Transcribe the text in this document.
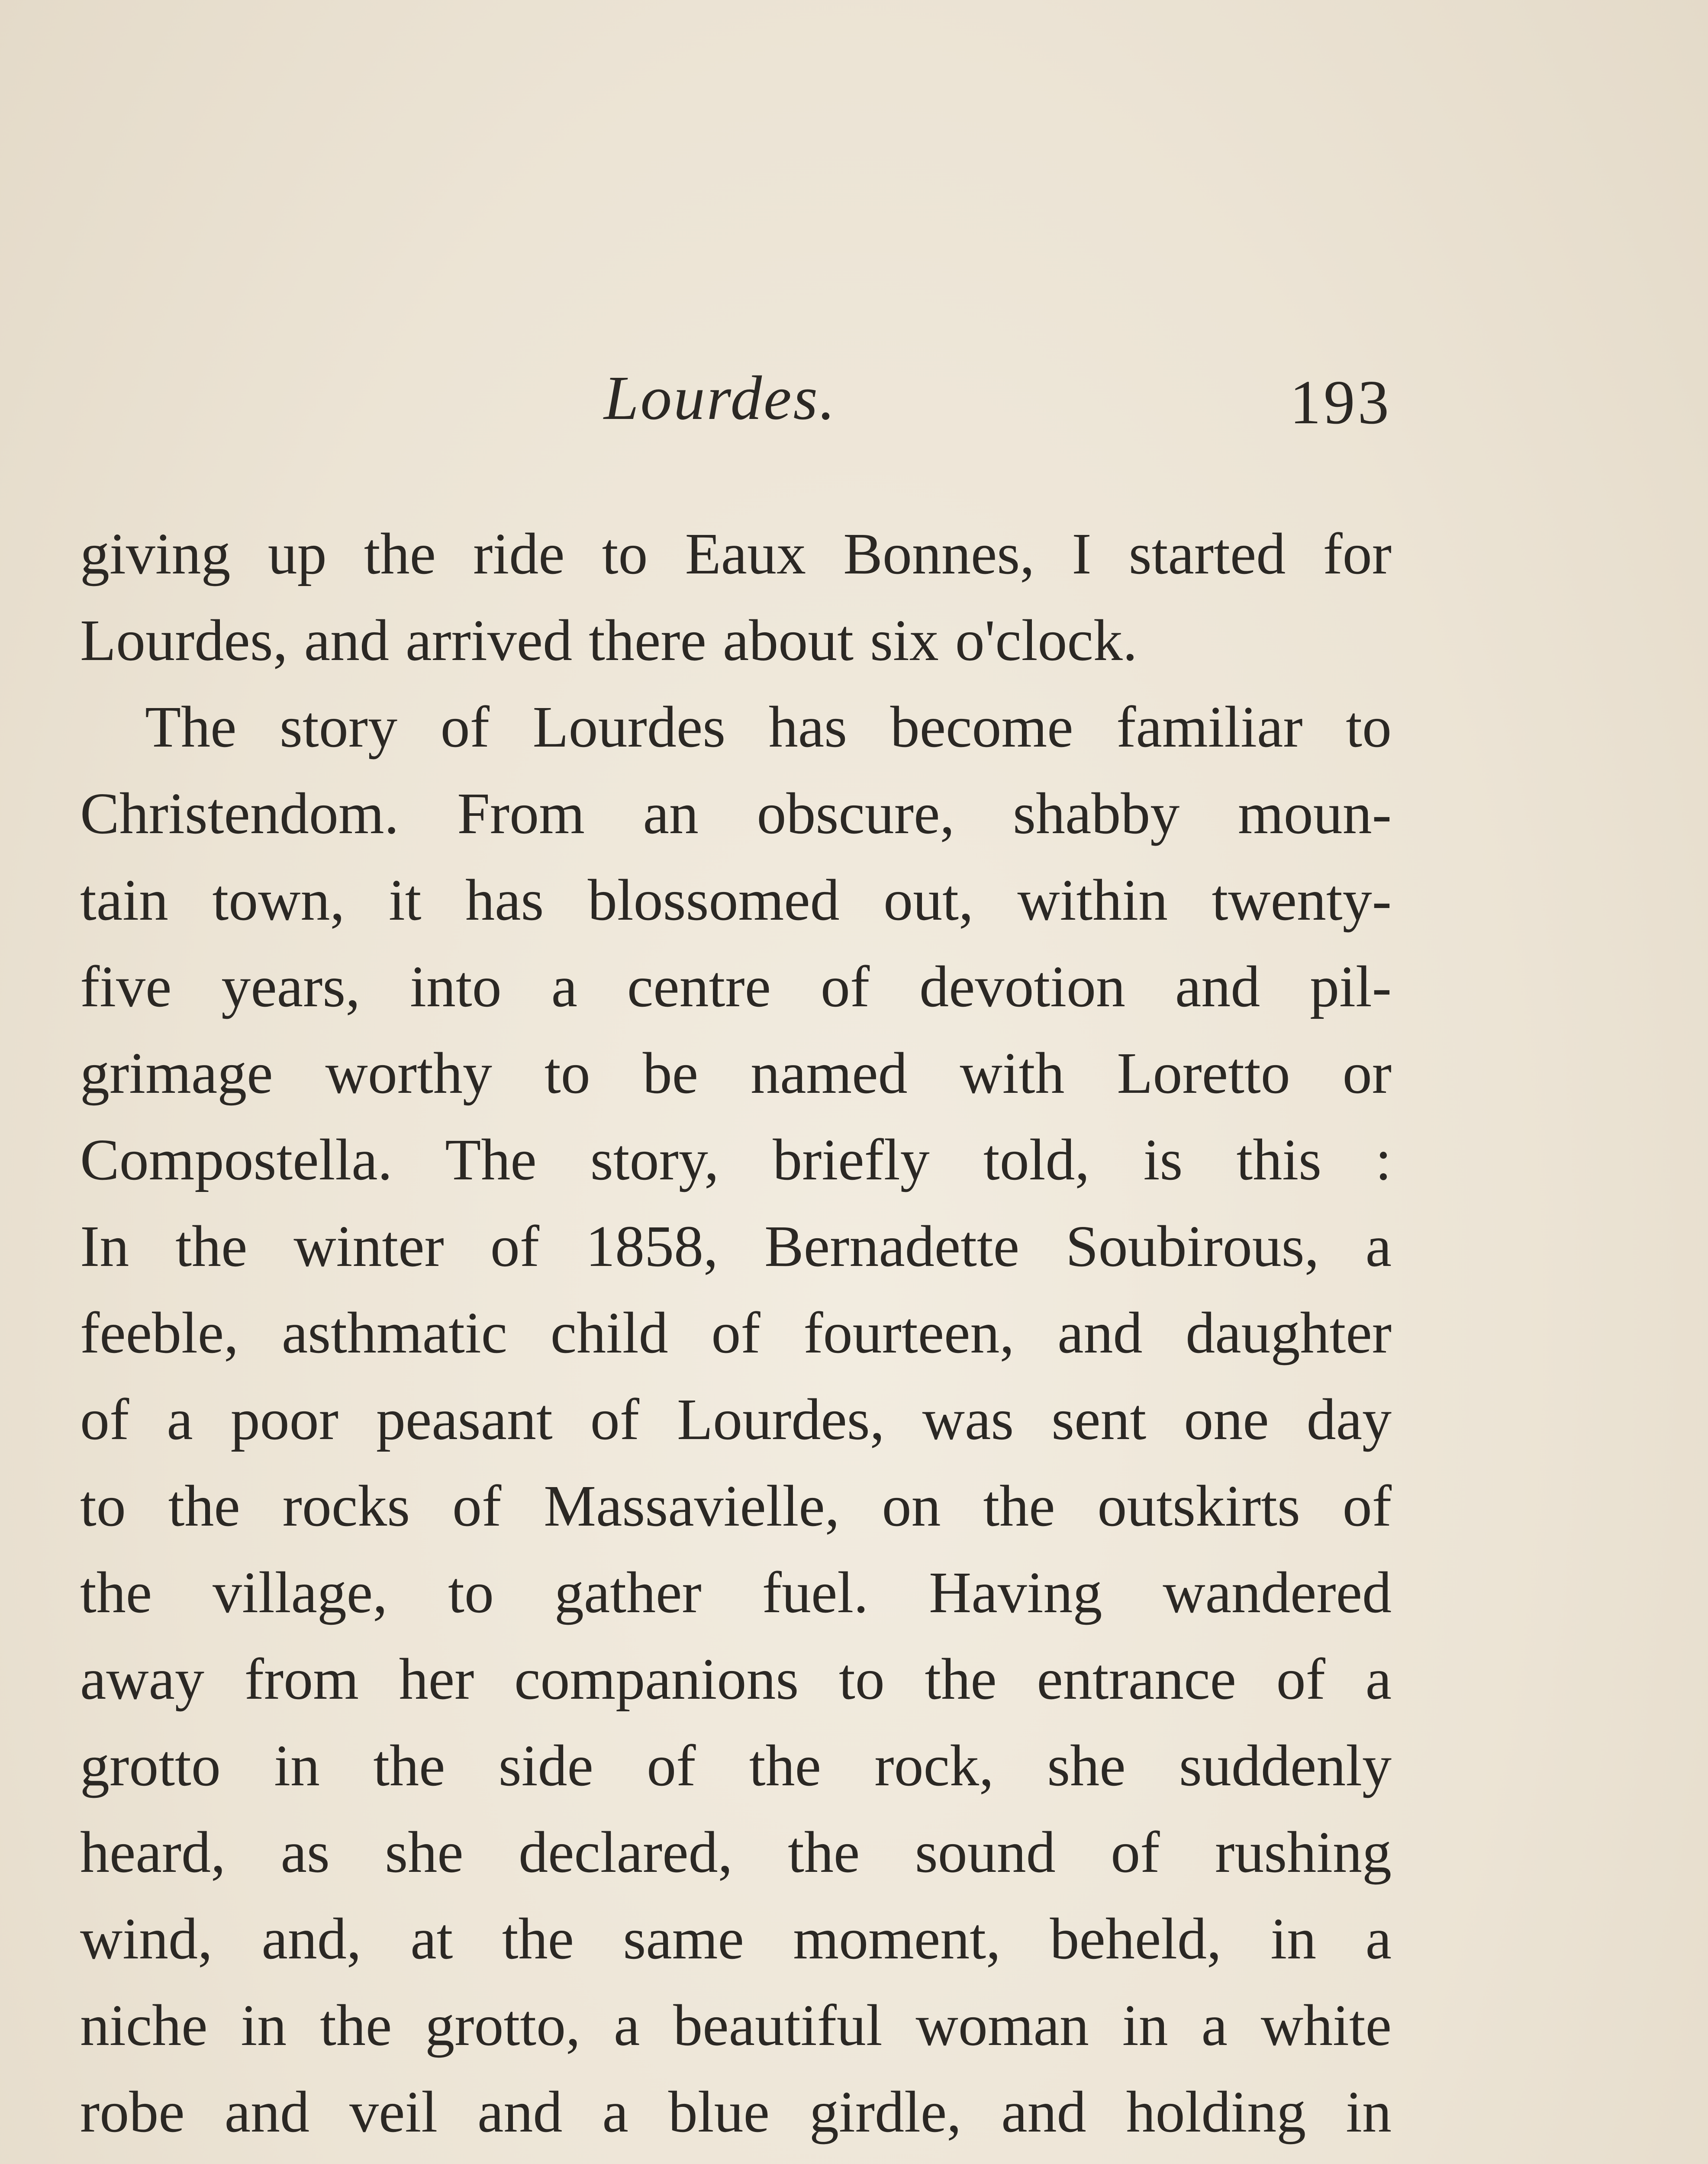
Lourdes.	193
giving up the ride to Eaux Bonnes, I started for
Lourdes, and arrived there about six o'clock.
The story of Lourdes has become familiar to
Christendom. From an obscure, shabby moun-
tain town, it has blossomed out, within twenty-
five years, into a centre of devotion and pil-
grimage worthy to be named with Loretto or
Compostella. The story, briefly told, is this :
In the winter of 1858, Bernadette Soubirous, a
feeble, asthmatic child of fourteen, and daughter
of a poor peasant of Lourdes, was sent one day
to the rocks of Massavielle, on the outskirts of
the village, to gather fuel. Having wandered
away from her companions to the entrance of a
grotto in the side of the rock, she suddenly
heard, as she declared, the sound of rushing
wind, and, at the same moment, beheld, in a
niche in the grotto, a beautiful woman in a white
robe and veil and a blue girdle, and holding in
